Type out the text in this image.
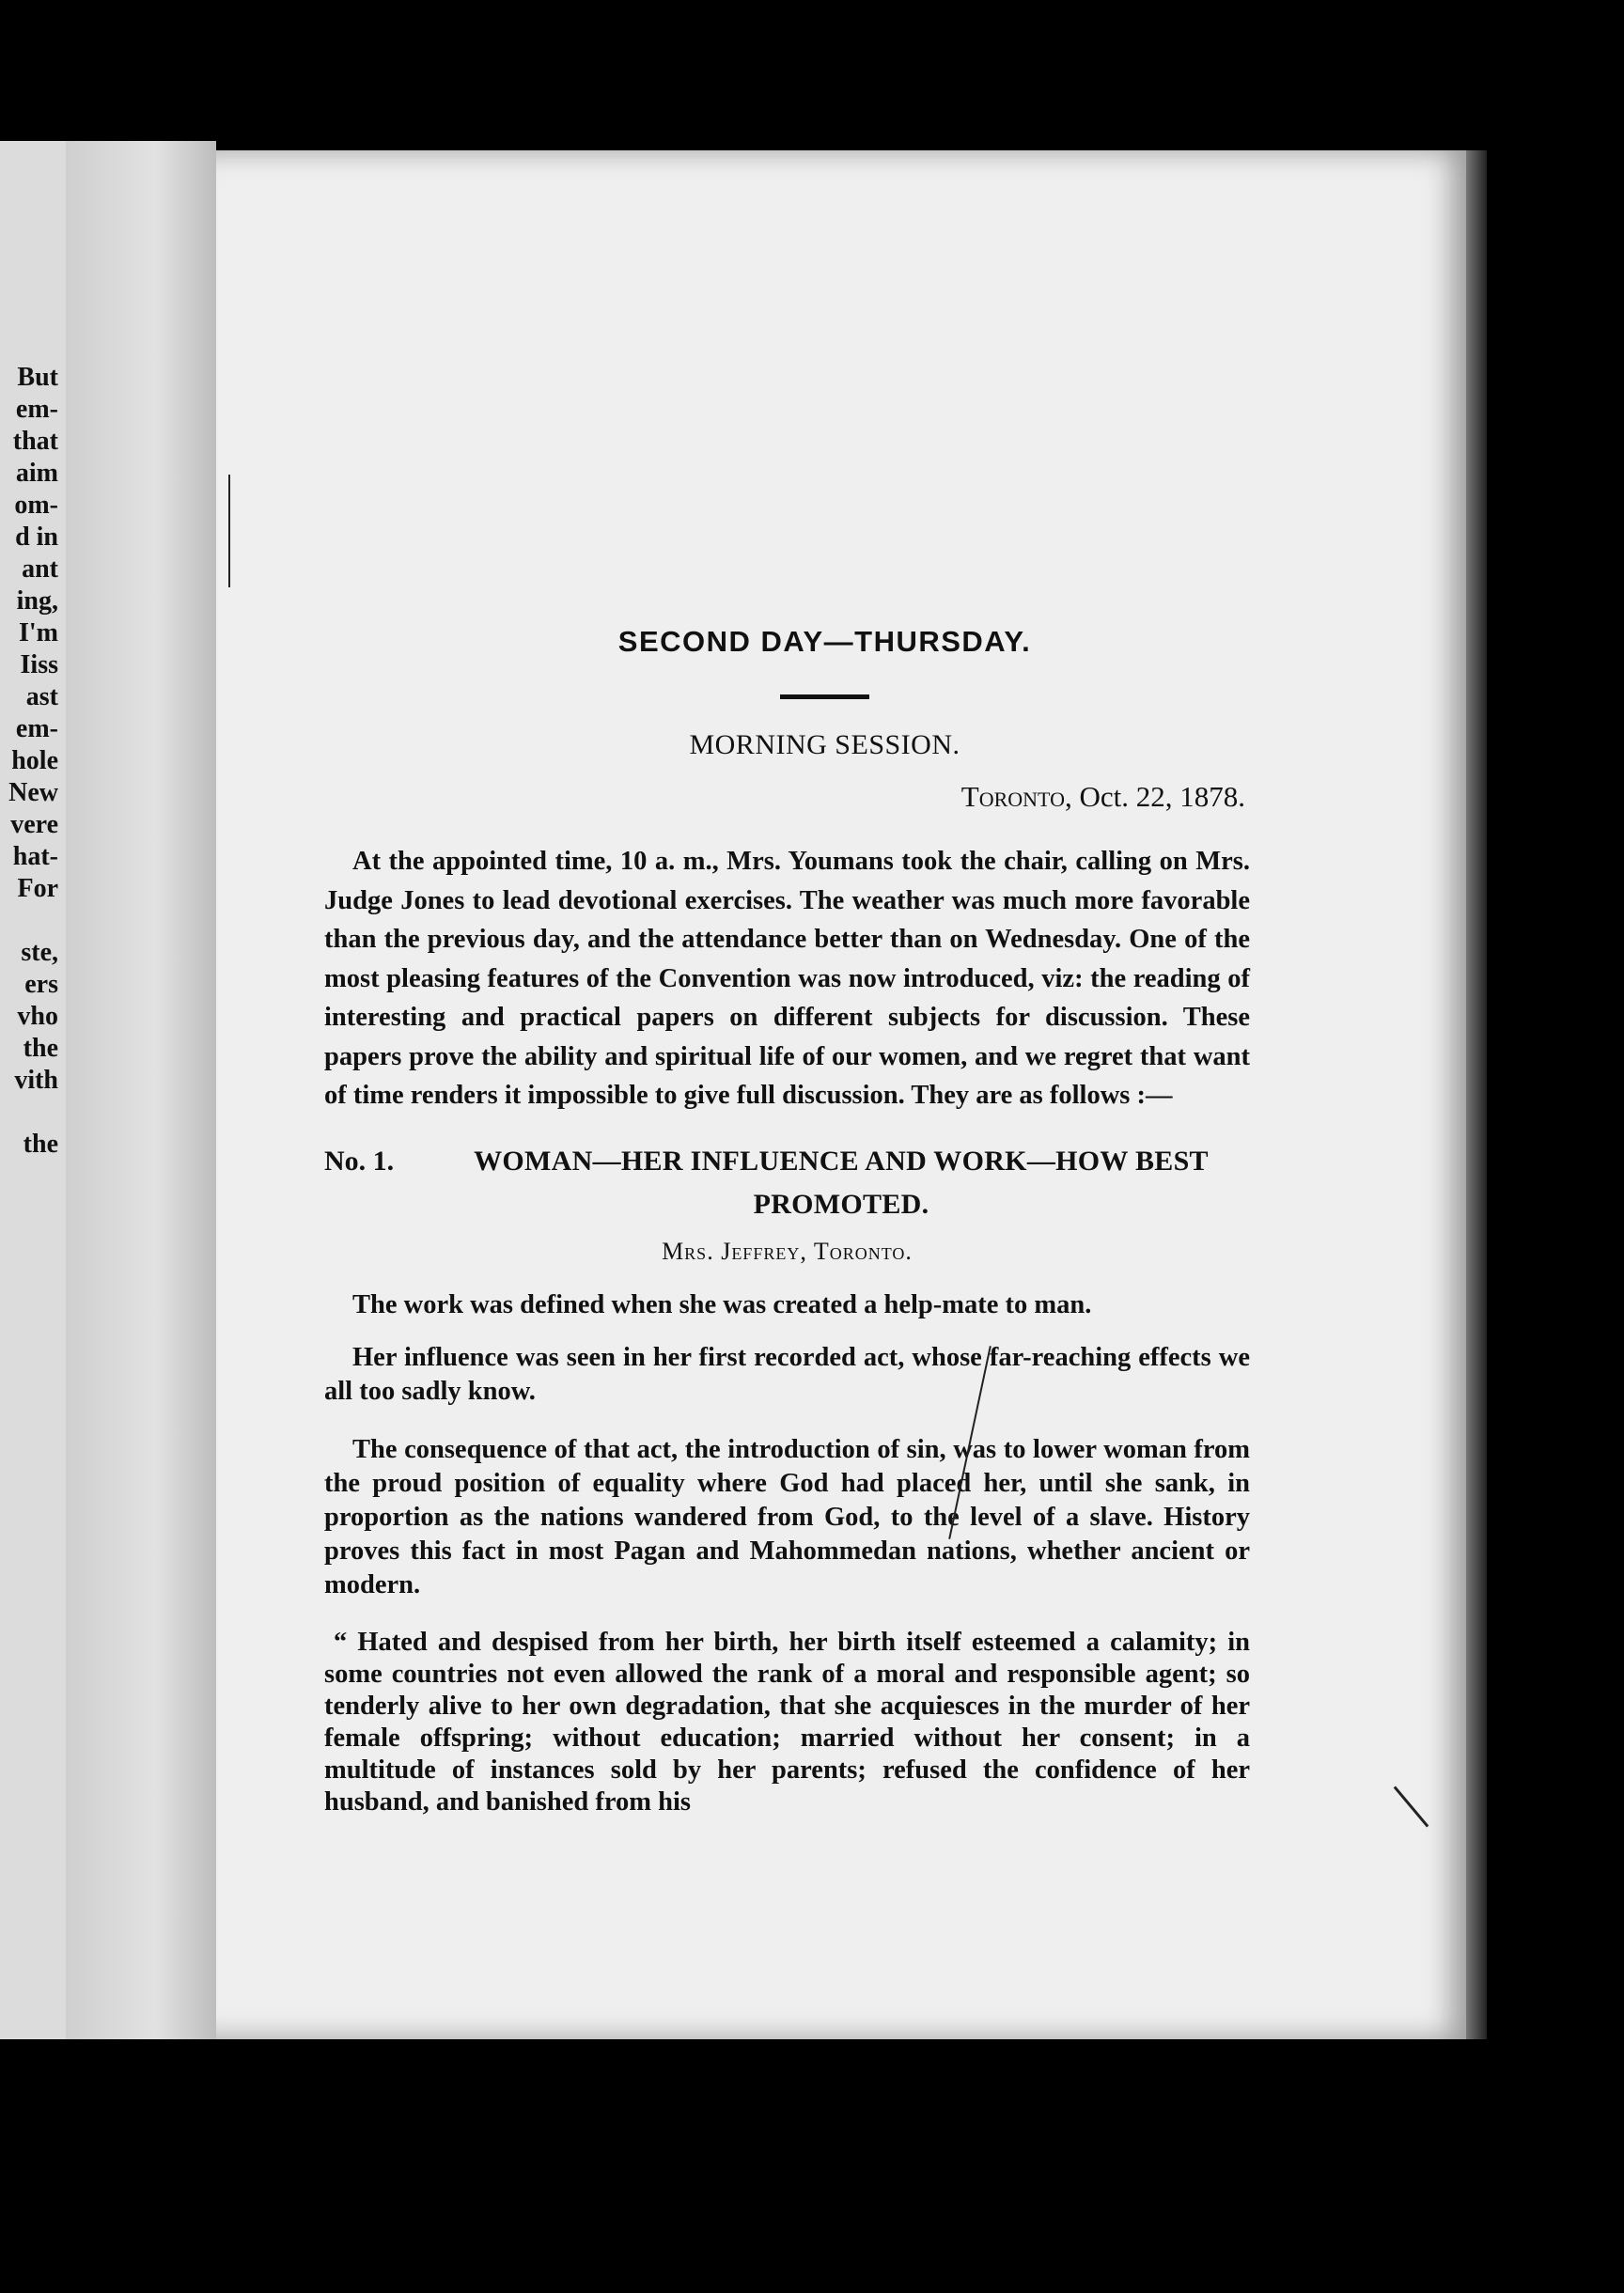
But
em-
that
aim
om-
d in
ant
ing,
I'm
Iiss
ast
em-
hole
New
vere
hat-
For
ste,
ers
vho
the
vith
the
SECOND DAY—THURSDAY.
MORNING SESSION.
Toronto, Oct. 22, 1878.

At the appointed time, 10 a. m., Mrs. Youmans took the chair, calling on Mrs. Judge Jones to lead devotional exercises. The weather was much more favorable than the previous day, and the attendance better than on Wednesday. One of the most pleasing features of the Convention was now introduced, viz: the reading of interesting and practical papers on different subjects for discussion. These papers prove the ability and spiritual life of our women, and we regret that want of time renders it impossible to give full discussion. They are as follows :—

No. 1.	WOMAN—HER INFLUENCE AND WORK—HOW BEST PROMOTED.
Mrs. Jeffrey, Toronto.

The work was defined when she was created a help-mate to man.

Her influence was seen in her first recorded act, whose far-reaching effects we all too sadly know.

The consequence of that act, the introduction of sin, was to lower woman from the proud position of equality where God had placed her, until she sank, in proportion as the nations wandered from God, to the level of a slave. History proves this fact in most Pagan and Mahommedan nations, whether ancient or modern.

“ Hated and despised from her birth, her birth itself esteemed a calamity; in some countries not even allowed the rank of a moral and responsible agent; so tenderly alive to her own degradation, that she acquiesces in the murder of her female offspring; without education; married without her consent; in a multitude of instances sold by her parents; refused the confidence of her husband, and banished from his
